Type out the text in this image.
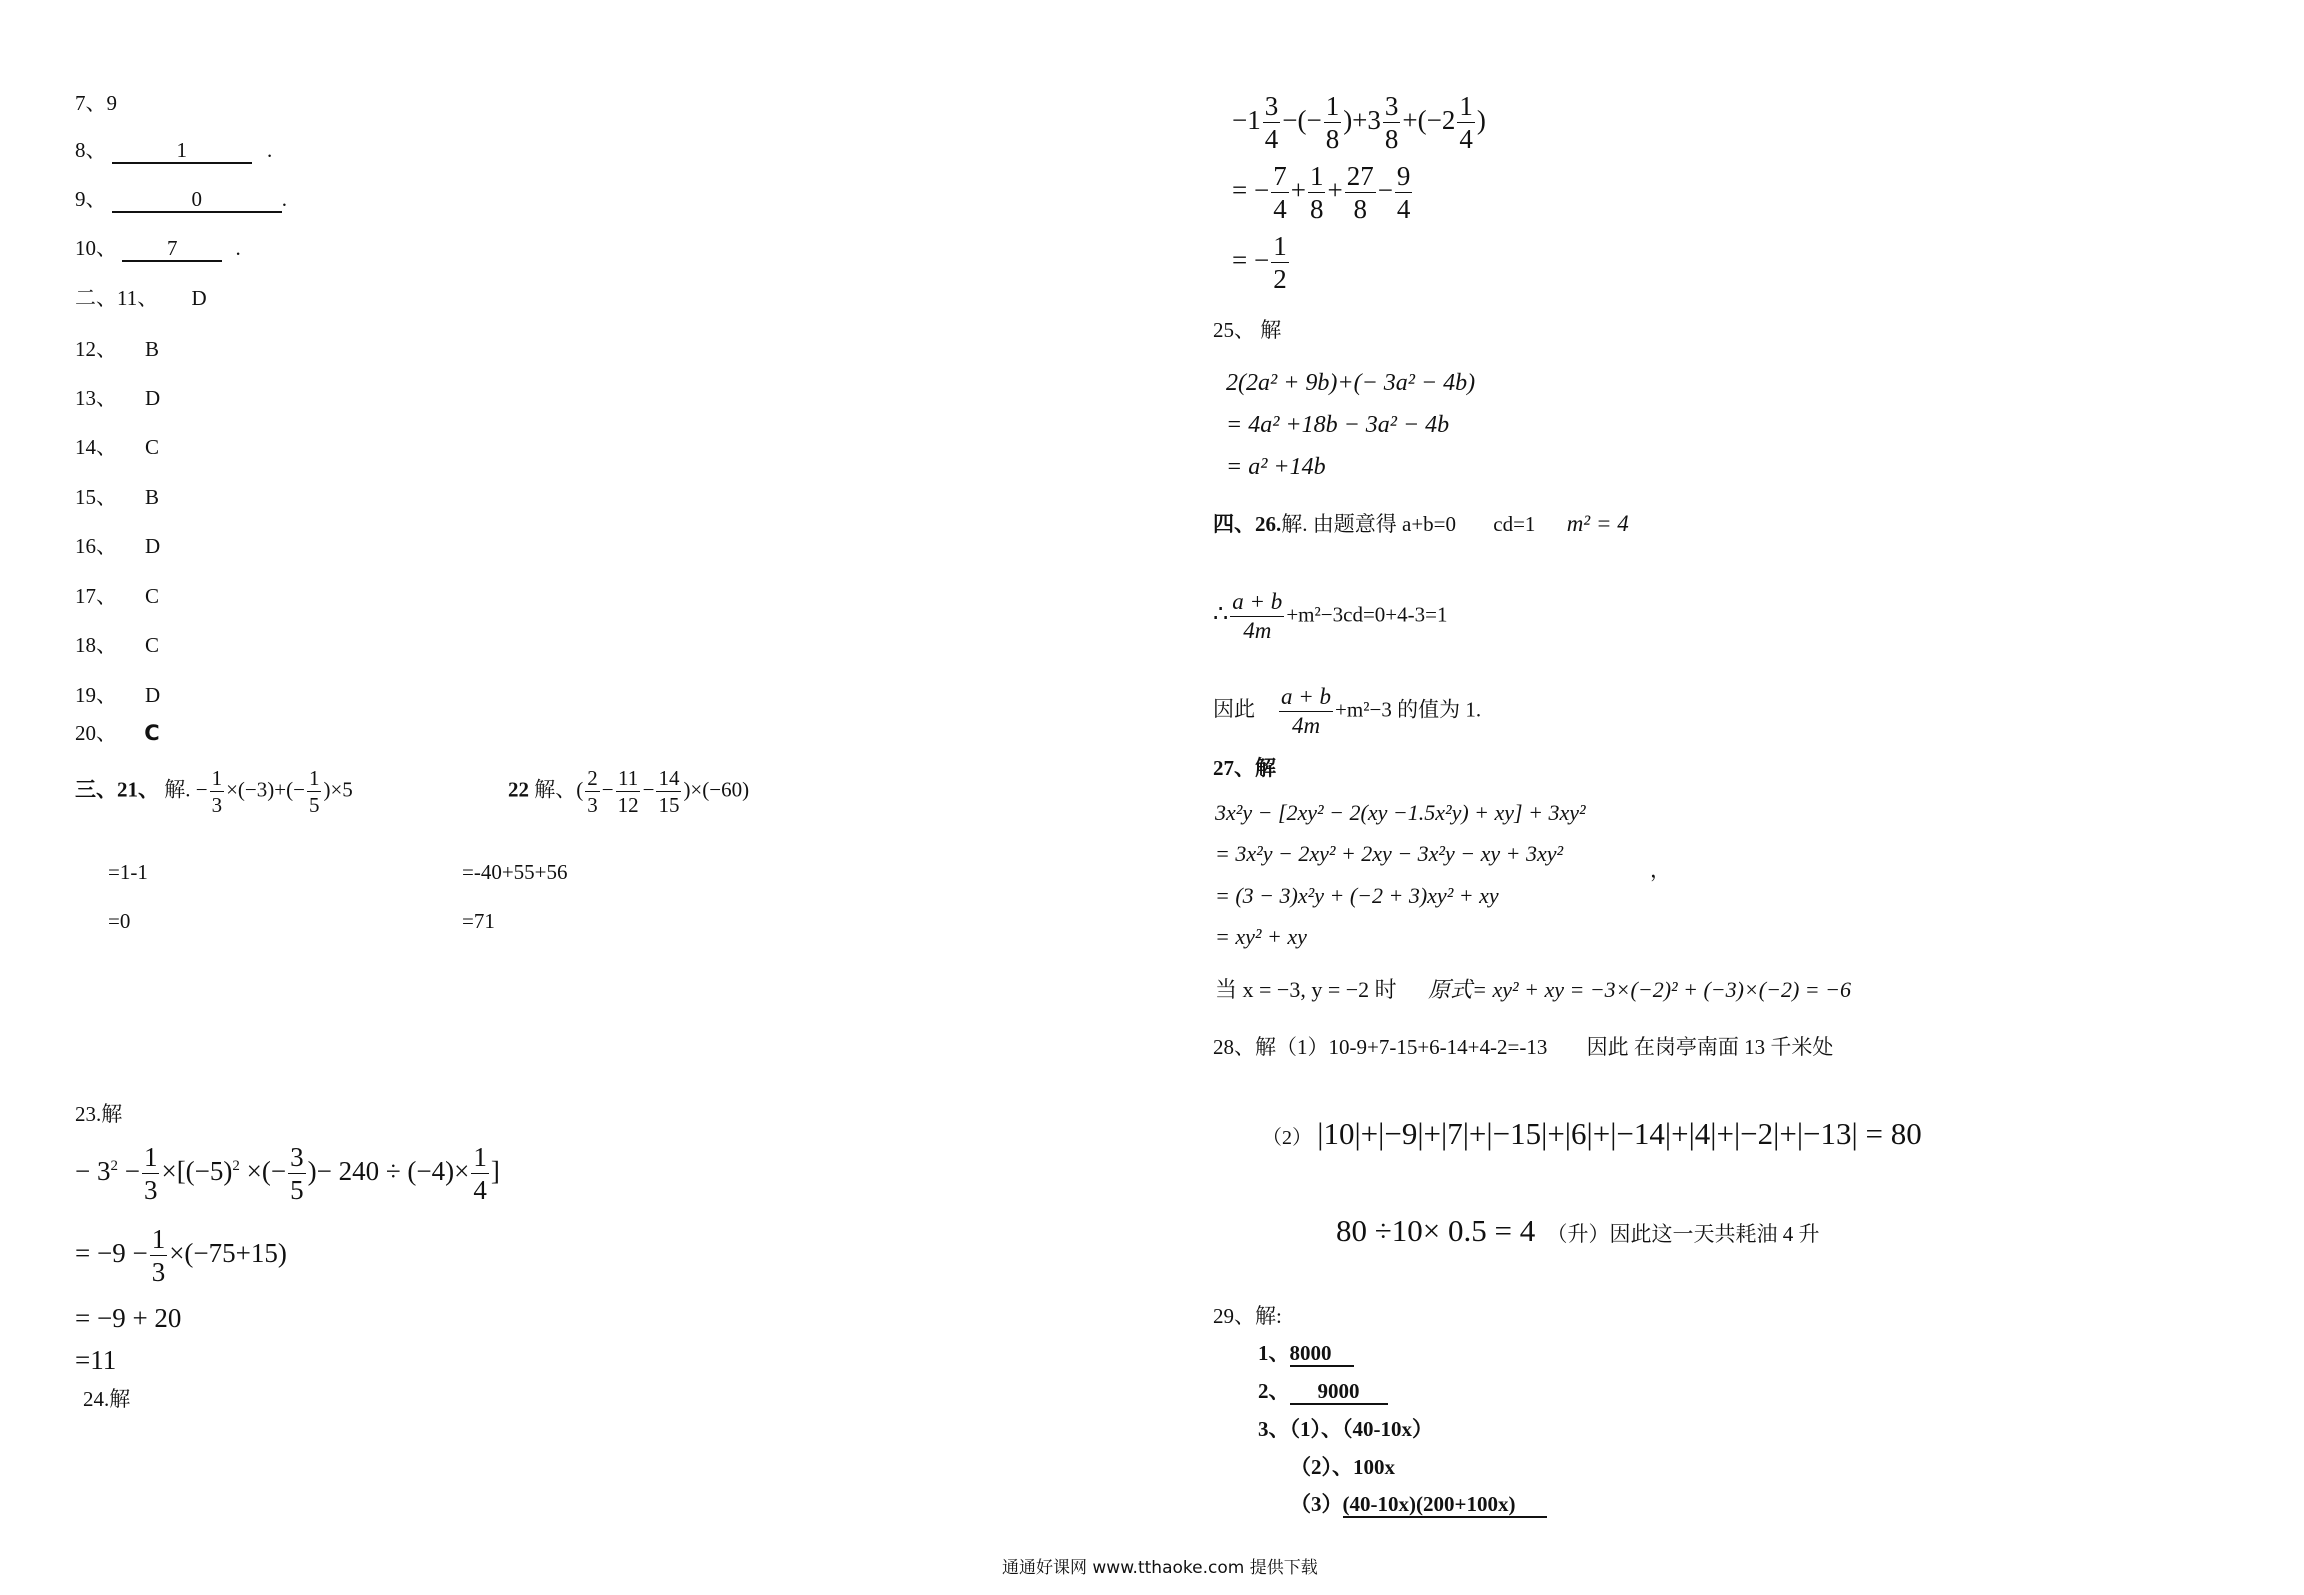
7、9
8、	1	.
9、	0	.
10、 7	.
二、11、 D
12、 B
13、 D
14、 C
15、 B
16、 D
17、 C
18、 C
19、 D
20、 C
三、21、 解. − $\frac{1}{3} \times(-3)+(- \frac{1}{5} )\times 5$
=1-1
=0
22 解、( $\frac{2}{3} - \frac{11}{12} - \frac{14}{15} )\times(-60)$
=-40+55+56
=71
23.解
− $3^2 - \frac{1}{3} \times[(-5)^2$ ×(− $\frac{3}{5}$ )− $240 \div (-4)\times \frac{1}{4}$ ]
= $-9 - \frac{1}{3} \times(-75+15)$
= −9 + 20
=11
24.解
$-1 \frac{3}{4}$ −(− $\frac{1}{8} )+3 \frac{3}{8} +(-2 \frac{1}{4}$ )
= − $\frac{7}{4} + \frac{1}{8} + \frac{27}{8} - \frac{9}{4}$
= − $\frac{1}{2}$
25、 解
2(2a² + 9b)+(− 3a² − 4b)
= 4a² +18b − 3a² − 4b
= a² +14b
四、26.解. 由题意得 a+b=0 cd=1 m² = 4
∴ $\frac{a + b}{4m} +m^2-3cd=0+4-3=1$
因此 $\frac{a + b}{4m} +m^2-3$ 的值为 1.
27、解
3x²y − [2xy² − 2(xy −1.5x²y) + xy] + 3xy²
= 3x²y − 2xy² + 2xy − 3x²y − xy + 3xy²
，
= (3 − 3)x²y + (−2 + 3)xy² + xy
= xy² + xy
当 x = −3, y = −2 时 原式= xy² + xy = −3×(−2)² + (−3)×(−2) = −6
28、解（1）10-9+7-15+6-14+4-2=-13 因此 在岗亭南面 13 千米处
（2） |10|+|−9|+|7|+|−15|+|6|+|−14|+|4|+|−2|+|−13| = 80
80 ÷10× 0.5 = 4 （升）因此这一天共耗油 4 升
29、解:
1、8000
2、 9000
3、（1）、（40-10x）
（2）、100x
（3）(40-10x)(200+100x)
通通好课网 www.tthaoke.com 提供下载
